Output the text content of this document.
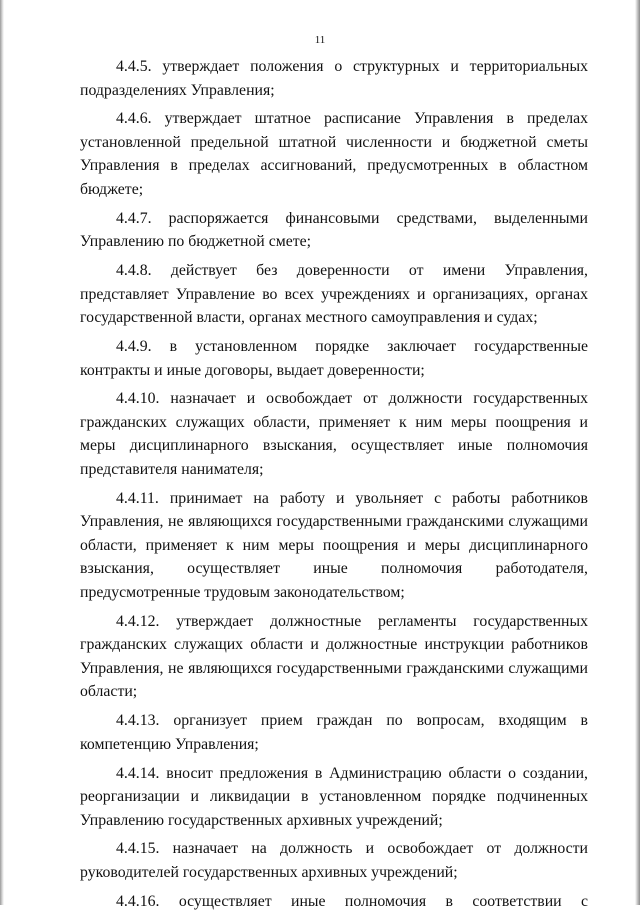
11

4.4.5. утверждает положения о структурных и территориальных подразделениях Управления;

4.4.6. утверждает штатное расписание Управления в пределах установленной предельной штатной численности и бюджетной сметы Управления в пределах ассигнований, предусмотренных в областном бюджете;

4.4.7. распоряжается финансовыми средствами, выделенными Управлению по бюджетной смете;

4.4.8. действует без доверенности от имени Управления, представляет Управление во всех учреждениях и организациях, органах государственной власти, органах местного самоуправления и судах;

4.4.9. в установленном порядке заключает государственные контракты и иные договоры, выдает доверенности;

4.4.10. назначает и освобождает от должности государственных гражданских служащих области, применяет к ним меры поощрения и меры дисциплинарного взыскания, осуществляет иные полномочия представителя нанимателя;

4.4.11. принимает на работу и увольняет с работы работников Управления, не являющихся государственными гражданскими служащими области, применяет к ним меры поощрения и меры дисциплинарного взыскания, осуществляет иные полномочия работодателя, предусмотренные трудовым законодательством;

4.4.12. утверждает должностные регламенты государственных гражданских служащих области и должностные инструкции работников Управления, не являющихся государственными гражданскими служащими области;

4.4.13. организует прием граждан по вопросам, входящим в компетенцию Управления;

4.4.14. вносит предложения в Администрацию области о создании, реорганизации и ликвидации в установленном порядке подчиненных Управлению государственных архивных учреждений;

4.4.15. назначает на должность и освобождает от должности руководителей государственных архивных учреждений;

4.4.16. осуществляет иные полномочия в соответствии с
